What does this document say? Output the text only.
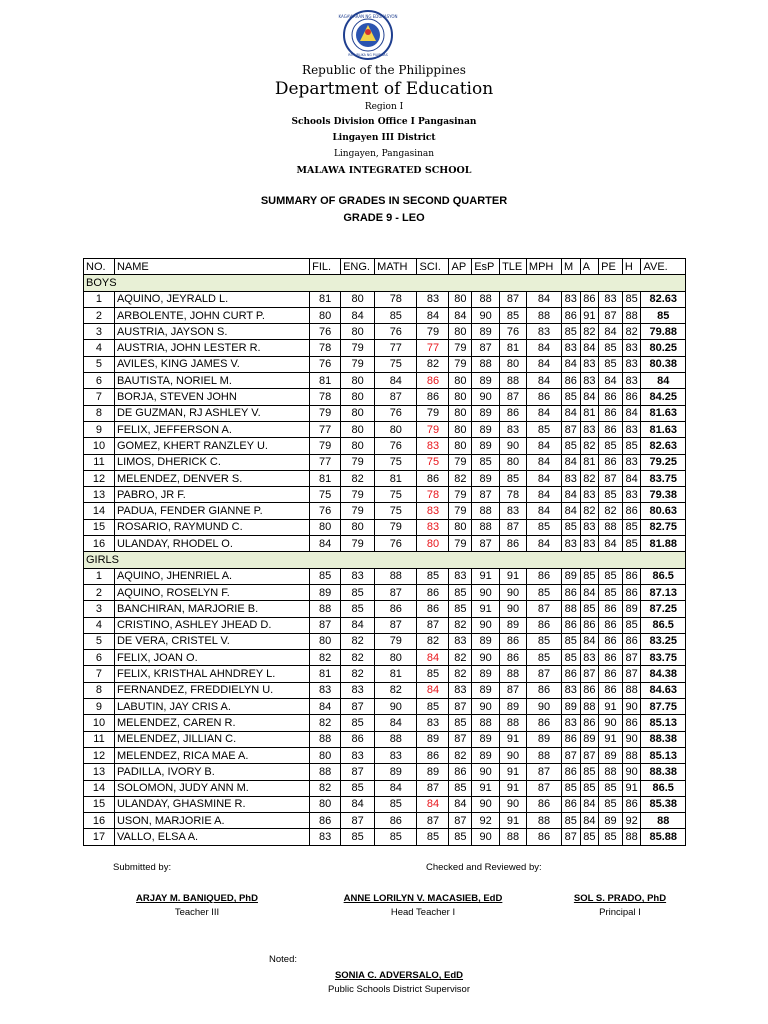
KAGAWARAN NG EDUKASYON
REPUBLIKA NG PILIPINAS
Republic of the Philippines
Department of Education
Region I
Schools Division Office I Pangasinan
Lingayen III District
Lingayen, Pangasinan
MALAWA INTEGRATED SCHOOL
SUMMARY OF GRADES IN SECOND QUARTER
GRADE 9 - LEO
NO.	NAME	FIL.	ENG.	MATH	SCI.	AP	EsP	TLE	MPH	M	A	PE	H	AVE.
BOYS														
1	AQUINO, JEYRALD L.	81	80	78	83	80	88	87	84	83	86	83	85	82.63
2	ARBOLENTE, JOHN CURT P.	80	84	85	84	84	90	85	88	86	91	87	88	85
3	AUSTRIA, JAYSON S.	76	80	76	79	80	89	76	83	85	82	84	82	79.88
4	AUSTRIA, JOHN LESTER R.	78	79	77	77	79	87	81	84	83	84	85	83	80.25
5	AVILES, KING JAMES V.	76	79	75	82	79	88	80	84	84	83	85	83	80.38
6	BAUTISTA, NORIEL M.	81	80	84	86	80	89	88	84	86	83	84	83	84
7	BORJA, STEVEN JOHN	78	80	87	86	80	90	87	86	85	84	86	86	84.25
8	DE GUZMAN, RJ ASHLEY V.	79	80	76	79	80	89	86	84	84	81	86	84	81.63
9	FELIX, JEFFERSON A.	77	80	80	79	80	89	83	85	87	83	86	83	81.63
10	GOMEZ, KHERT RANZLEY U.	79	80	76	83	80	89	90	84	85	82	85	85	82.63
11	LIMOS, DHERICK C.	77	79	75	75	79	85	80	84	84	81	86	83	79.25
12	MELENDEZ, DENVER S.	81	82	81	86	82	89	85	84	83	82	87	84	83.75
13	PABRO, JR F.	75	79	75	78	79	87	78	84	84	83	85	83	79.38
14	PADUA, FENDER GIANNE P.	76	79	75	83	79	88	83	84	84	82	82	86	80.63
15	ROSARIO, RAYMUND C.	80	80	79	83	80	88	87	85	85	83	88	85	82.75
16	ULANDAY, RHODEL O.	84	79	76	80	79	87	86	84	83	83	84	85	81.88
GIRLS														
1	AQUINO, JHENRIEL A.	85	83	88	85	83	91	91	86	89	85	85	86	86.5
2	AQUINO, ROSELYN F.	89	85	87	86	85	90	90	85	86	84	85	86	87.13
3	BANCHIRAN, MARJORIE B.	88	85	86	86	85	91	90	87	88	85	86	89	87.25
4	CRISTINO, ASHLEY JHEAD D.	87	84	87	87	82	90	89	86	86	86	86	85	86.5
5	DE VERA, CRISTEL V.	80	82	79	82	83	89	86	85	85	84	86	86	83.25
6	FELIX, JOAN O.	82	82	80	84	82	90	86	85	85	83	86	87	83.75
7	FELIX, KRISTHAL AHNDREY L.	81	82	81	85	82	89	88	87	86	87	86	87	84.38
8	FERNANDEZ, FREDDIELYN U.	83	83	82	84	83	89	87	86	83	86	86	88	84.63
9	LABUTIN, JAY CRIS A.	84	87	90	85	87	90	89	90	89	88	91	90	87.75
10	MELENDEZ, CAREN R.	82	85	84	83	85	88	88	86	83	86	90	86	85.13
11	MELENDEZ, JILLIAN C.	88	86	88	89	87	89	91	89	86	89	91	90	88.38
12	MELENDEZ, RICA MAE A.	80	83	83	86	82	89	90	88	87	87	89	88	85.13
13	PADILLA, IVORY B.	88	87	89	89	86	90	91	87	86	85	88	90	88.38
14	SOLOMON, JUDY ANN M.	82	85	84	87	85	91	91	87	85	85	85	91	86.5
15	ULANDAY, GHASMINE R.	80	84	85	84	84	90	90	86	86	84	85	86	85.38
16	USON, MARJORIE A.	86	87	86	87	87	92	91	88	85	84	89	92	88
17	VALLO, ELSA A.	83	85	85	85	85	90	88	86	87	85	85	88	85.88
Submitted by:	Checked and Reviewed by:
ARJAY M. BANIQUED, PhD
Teacher III
ANNE LORILYN V. MACASIEB, EdD
Head Teacher I
SOL S. PRADO, PhD
Principal I
Noted:
SONIA C. ADVERSALO, EdD
Public Schools District Supervisor
